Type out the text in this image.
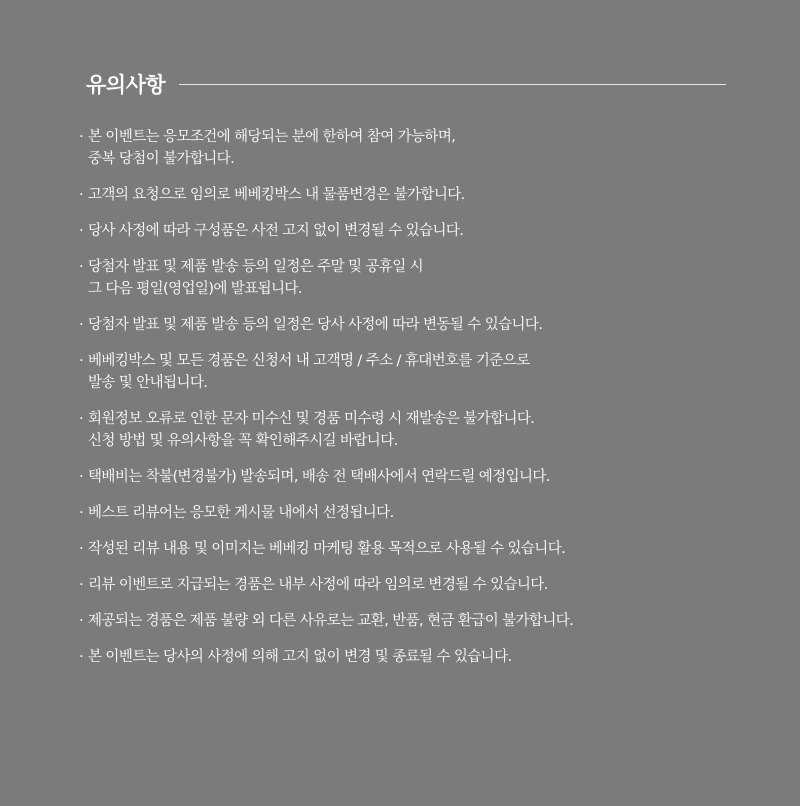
유의사항
· 본 이벤트는 응모조건에 해당되는 분에 한하여 참여 가능하며,
중복 당첨이 불가합니다.
· 고객의 요청으로 임의로 베베킹박스 내 물품변경은 불가합니다.
· 당사 사정에 따라 구성품은 사전 고지 없이 변경될 수 있습니다.
· 당첨자 발표 및 제품 발송 등의 일정은 주말 및 공휴일 시
그 다음 평일(영업일)에 발표됩니다.
· 당첨자 발표 및 제품 발송 등의 일정은 당사 사정에 따라 변동될 수 있습니다.
· 베베킹박스 및 모든 경품은 신청서 내 고객명 / 주소 / 휴대번호를 기준으로
발송 및 안내됩니다.
· 회원정보 오류로 인한 문자 미수신 및 경품 미수령 시 재발송은 불가합니다.
신청 방법 및 유의사항을 꼭 확인해주시길 바랍니다.
· 택배비는 착불(변경불가) 발송되며, 배송 전 택배사에서 연락드릴 예정입니다.
· 베스트 리뷰어는 응모한 게시물 내에서 선정됩니다.
· 작성된 리뷰 내용 및 이미지는 베베킹 마케팅 활용 목적으로 사용될 수 있습니다.
· 리뷰 이벤트로 지급되는 경품은 내부 사정에 따라 임의로 변경될 수 있습니다.
· 제공되는 경품은 제품 불량 외 다른 사유로는 교환, 반품, 현금 환급이 불가합니다.
· 본 이벤트는 당사의 사정에 의해 고지 없이 변경 및 종료될 수 있습니다.
